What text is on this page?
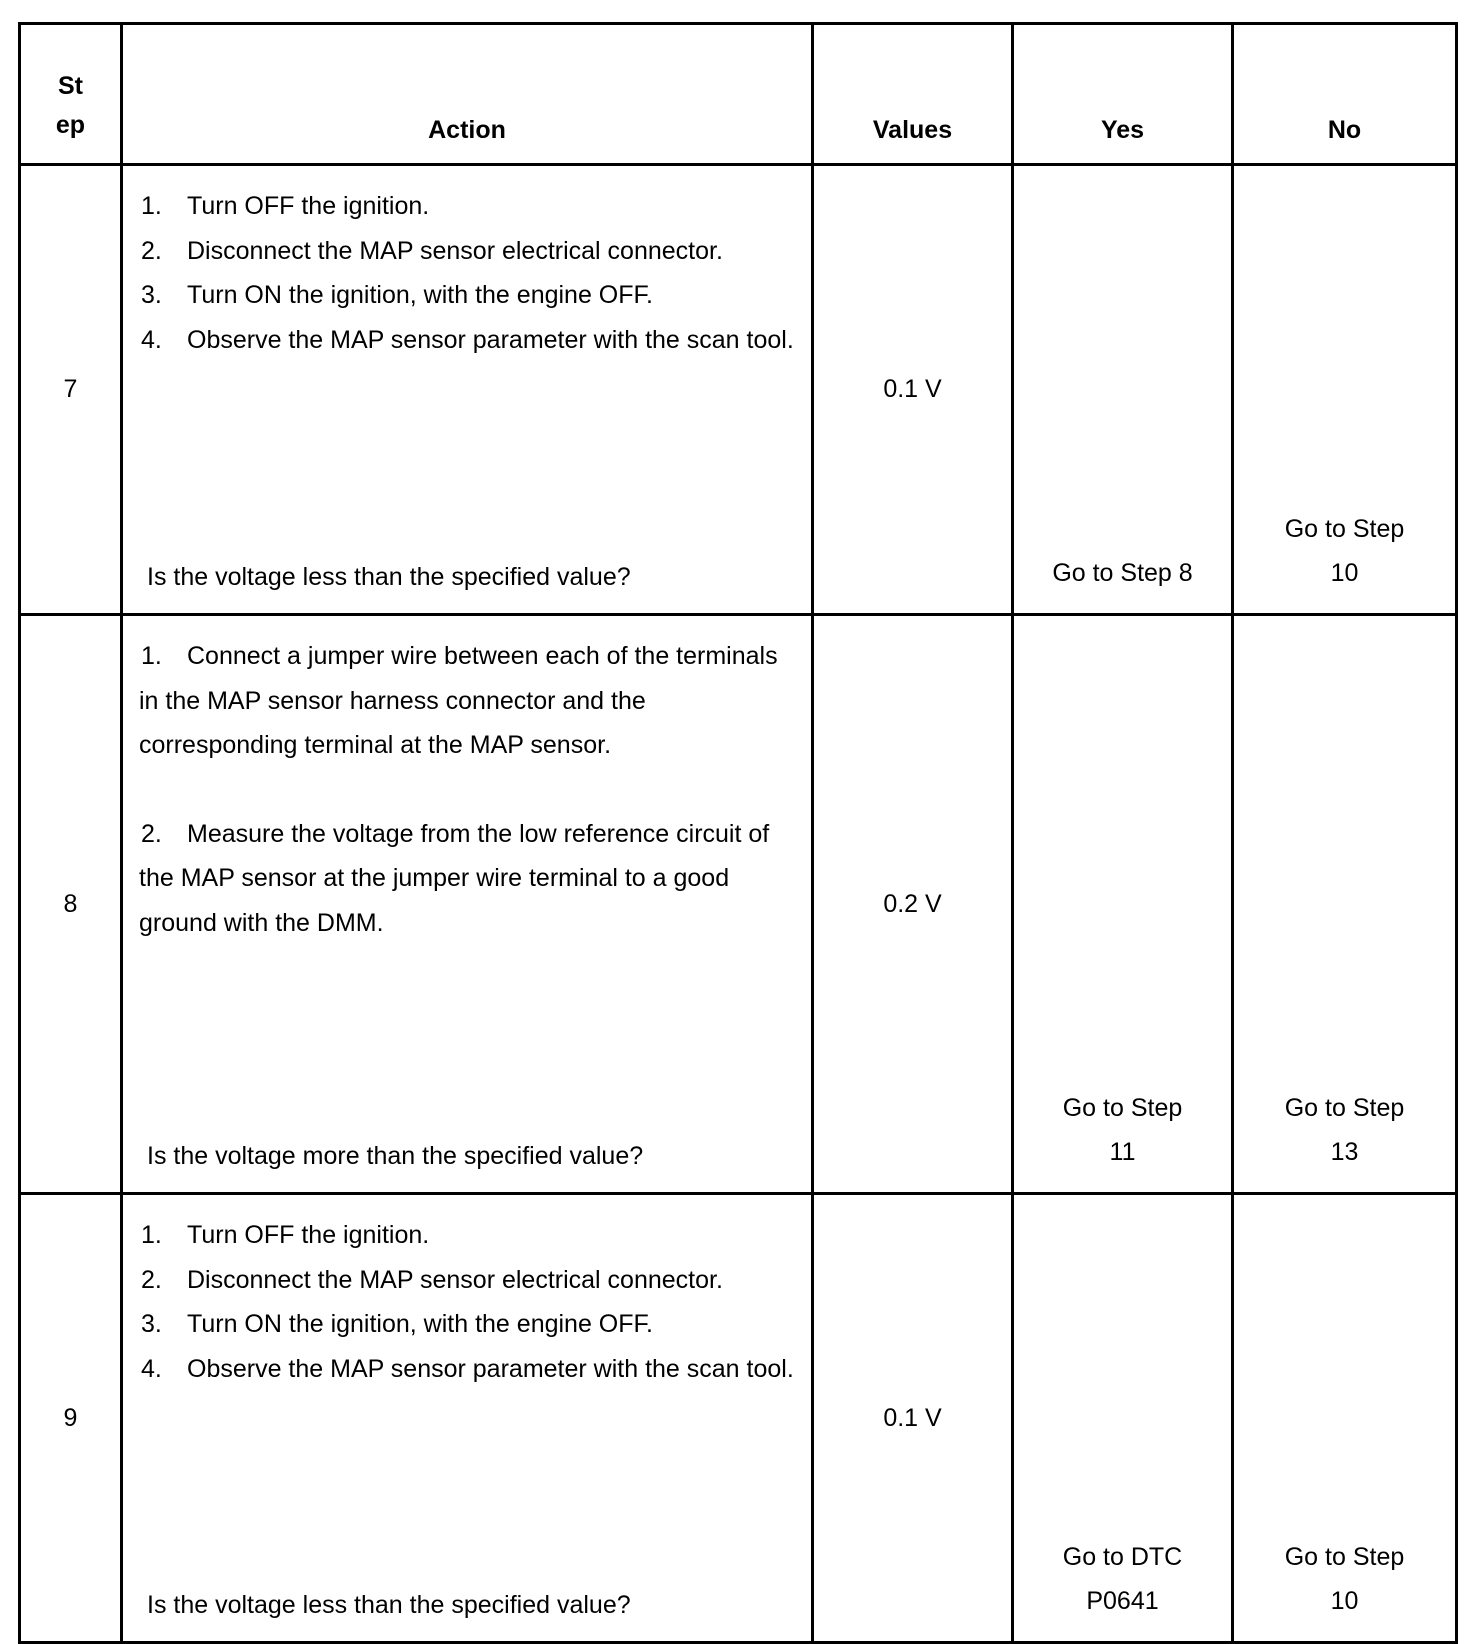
St
ep	Action	Values	Yes	No
7	1. Turn OFF the ignition.
2. Disconnect the MAP sensor electrical connector.
3. Turn ON the ignition, with the engine OFF.
4. Observe the MAP sensor parameter with the scan tool.
Is the voltage less than the specified value?	0.1 V	Go to Step 8	Go to Step 10
8	1. Connect a jumper wire between each of the terminals in the MAP sensor harness connector and the corresponding terminal at the MAP sensor.
2. Measure the voltage from the low reference circuit of the MAP sensor at the jumper wire terminal to a good ground with the DMM.
Is the voltage more than the specified value?	0.2 V	Go to Step 11	Go to Step 13
9	1. Turn OFF the ignition.
2. Disconnect the MAP sensor electrical connector.
3. Turn ON the ignition, with the engine OFF.
4. Observe the MAP sensor parameter with the scan tool.
Is the voltage less than the specified value?	0.1 V	Go to DTC P0641	Go to Step 10
